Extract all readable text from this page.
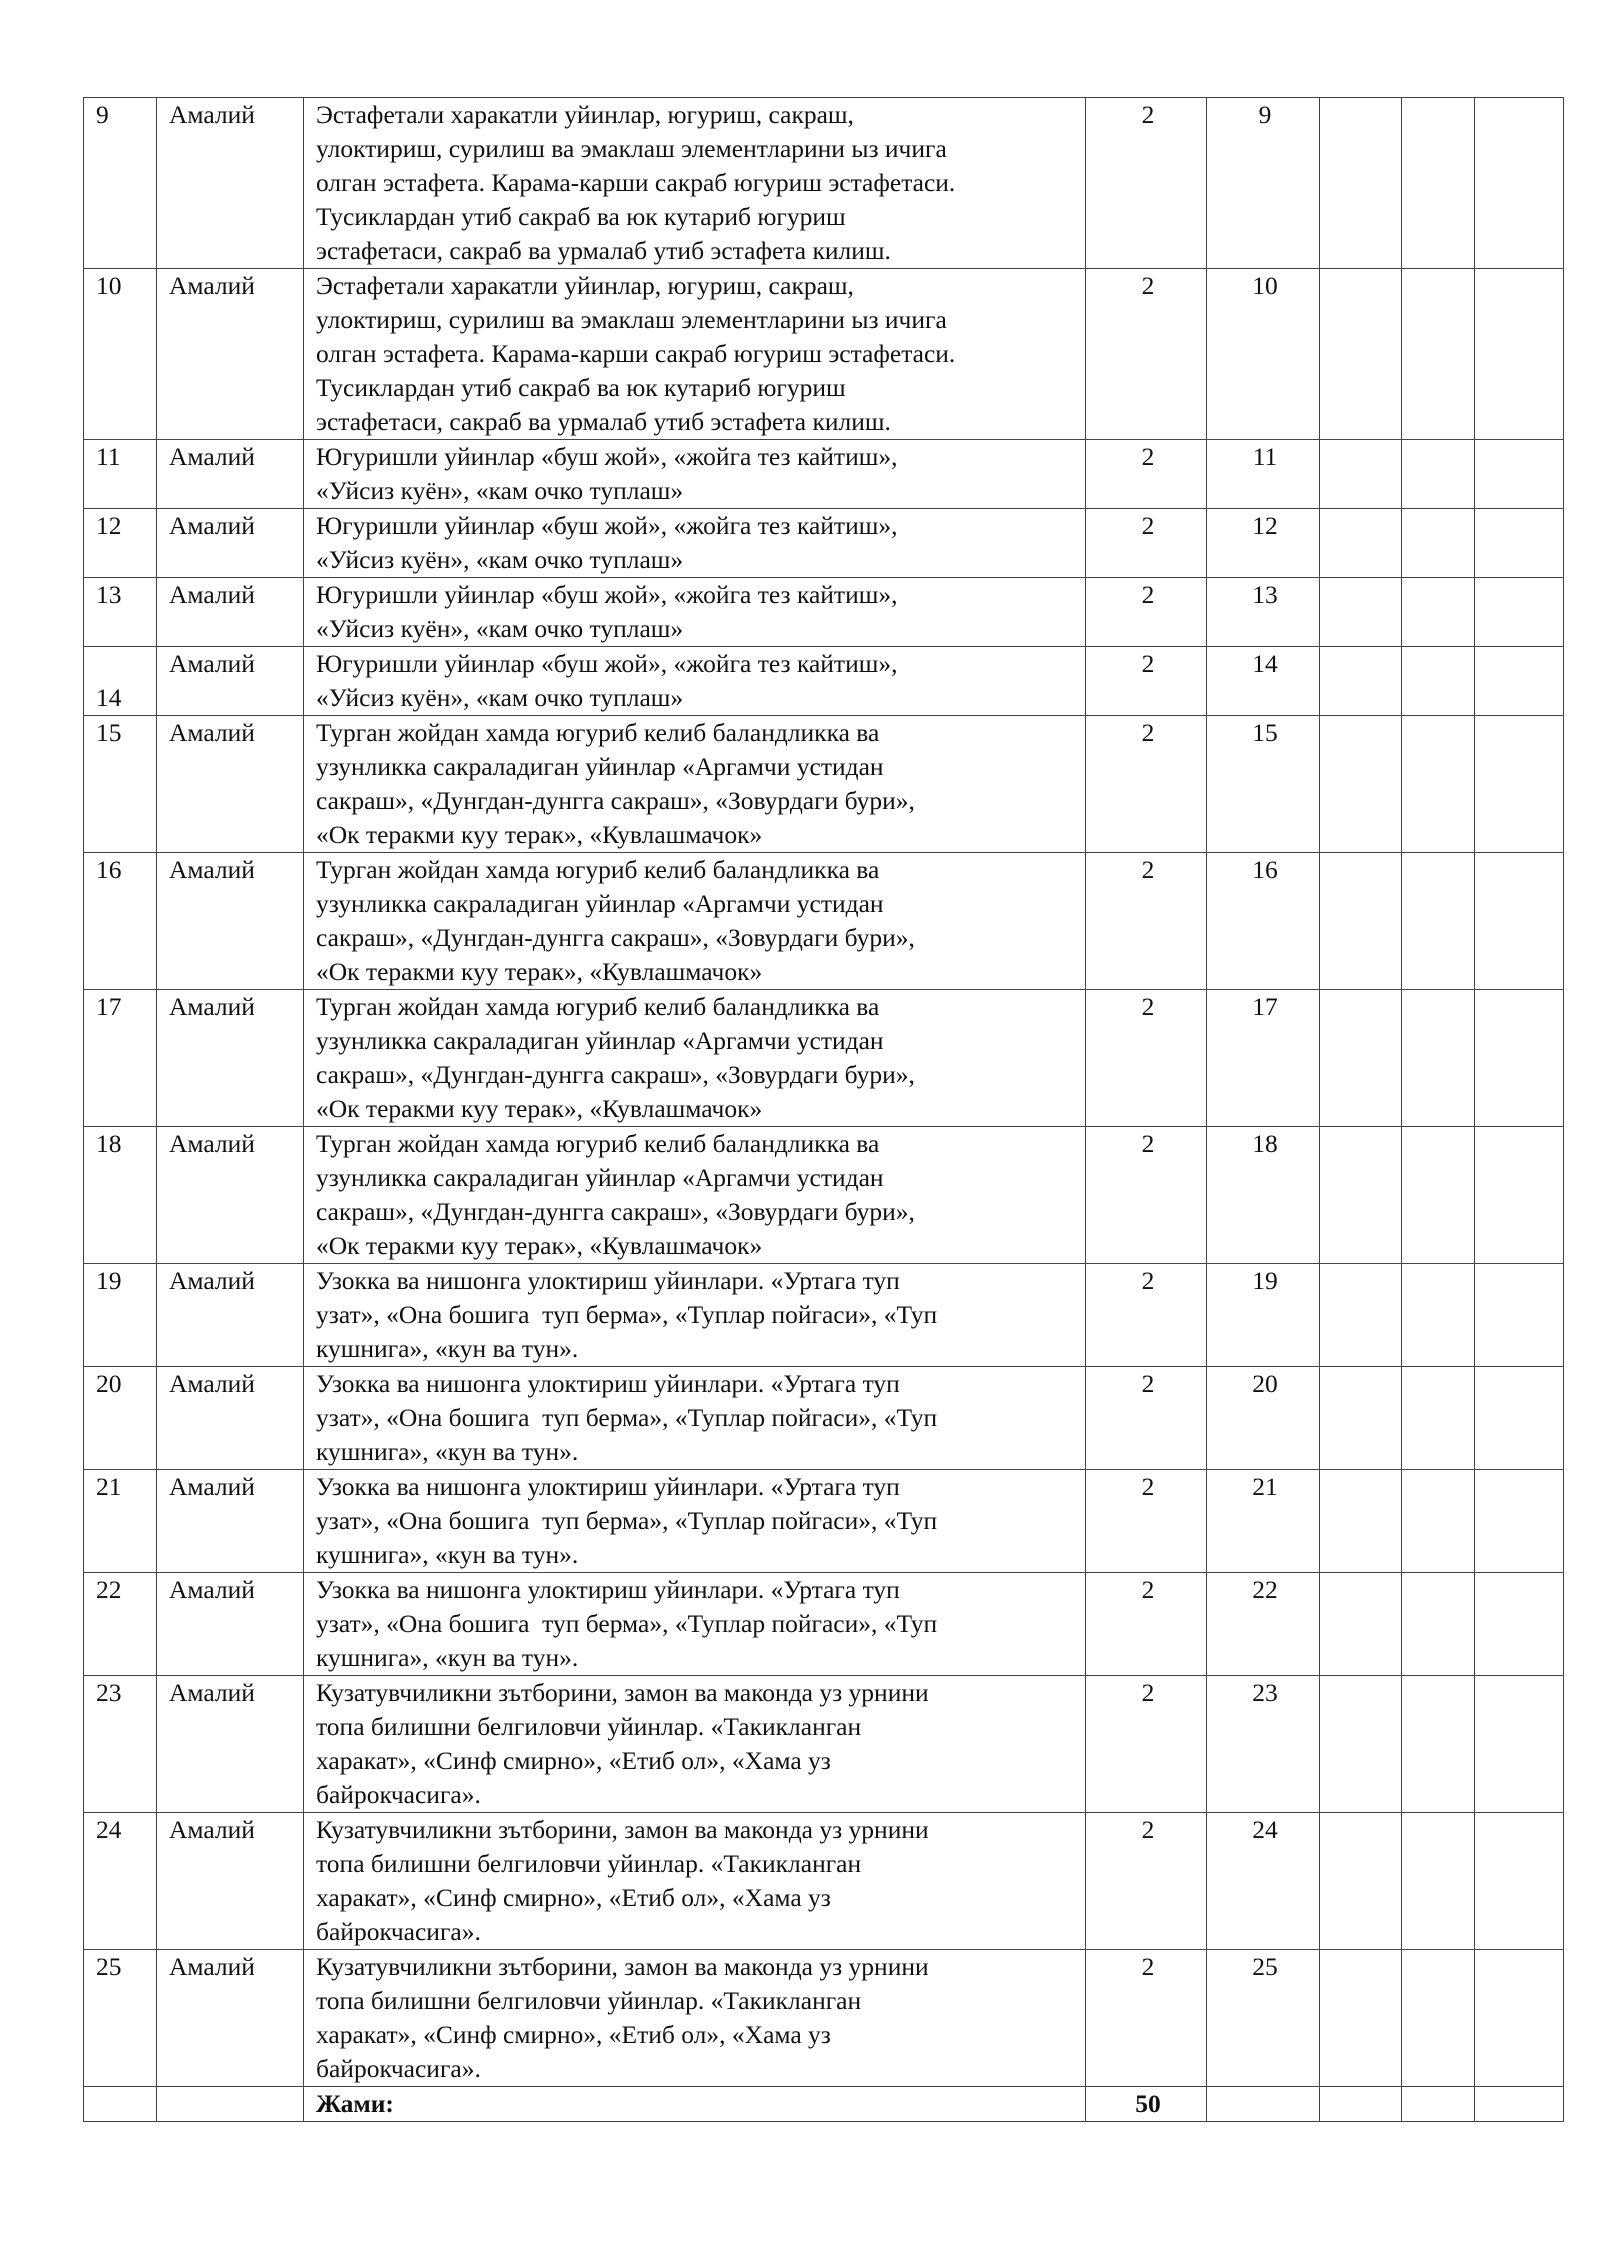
9	Амалий	Эстафетали харакатли уйинлар, югуриш, сакраш,
улоктириш, сурилиш ва эмаклаш элементларини ыз ичига
олган эстафета. Карама-карши сакраб югуриш эстафетаси.
Тусиклардан утиб сакраб ва юк кутариб югуриш
эстафетаси, сакраб ва урмалаб утиб эстафета килиш.	2	9			
10	Амалий	Эстафетали харакатли уйинлар, югуриш, сакраш,
улоктириш, сурилиш ва эмаклаш элементларини ыз ичига
олган эстафета. Карама-карши сакраб югуриш эстафетаси.
Тусиклардан утиб сакраб ва юк кутариб югуриш
эстафетаси, сакраб ва урмалаб утиб эстафета килиш.	2	10			
11	Амалий	Югуришли уйинлар «буш жой», «жойга тез кайтиш»,
«Уйсиз куён», «кам очко туплаш»	2	11			
12	Амалий	Югуришли уйинлар «буш жой», «жойга тез кайтиш»,
«Уйсиз куён», «кам очко туплаш»	2	12			
13	Амалий	Югуришли уйинлар «буш жой», «жойга тез кайтиш»,
«Уйсиз куён», «кам очко туплаш»	2	13			
14	Амалий	Югуришли уйинлар «буш жой», «жойга тез кайтиш»,
«Уйсиз куён», «кам очко туплаш»	2	14			
15	Амалий	Турган жойдан хамда югуриб келиб баландликка ва
узунликка сакраладиган уйинлар «Аргамчи устидан
сакраш», «Дунгдан-дунгга сакраш», «Зовурдаги бури»,
«Ок теракми куу терак», «Кувлашмачок»	2	15			
16	Амалий	Турган жойдан хамда югуриб келиб баландликка ва
узунликка сакраладиган уйинлар «Аргамчи устидан
сакраш», «Дунгдан-дунгга сакраш», «Зовурдаги бури»,
«Ок теракми куу терак», «Кувлашмачок»	2	16			
17	Амалий	Турган жойдан хамда югуриб келиб баландликка ва
узунликка сакраладиган уйинлар «Аргамчи устидан
сакраш», «Дунгдан-дунгга сакраш», «Зовурдаги бури»,
«Ок теракми куу терак», «Кувлашмачок»	2	17			
18	Амалий	Турган жойдан хамда югуриб келиб баландликка ва
узунликка сакраладиган уйинлар «Аргамчи устидан
сакраш», «Дунгдан-дунгга сакраш», «Зовурдаги бури»,
«Ок теракми куу терак», «Кувлашмачок»	2	18			
19	Амалий	Узокка ва нишонга улоктириш уйинлари. «Уртага туп
узат», «Она бошига  туп берма», «Туплар пойгаси», «Туп
кушнига», «кун ва тун».	2	19			
20	Амалий	Узокка ва нишонга улоктириш уйинлари. «Уртага туп
узат», «Она бошига  туп берма», «Туплар пойгаси», «Туп
кушнига», «кун ва тун».	2	20			
21	Амалий	Узокка ва нишонга улоктириш уйинлари. «Уртага туп
узат», «Она бошига  туп берма», «Туплар пойгаси», «Туп
кушнига», «кун ва тун».	2	21			
22	Амалий	Узокка ва нишонга улоктириш уйинлари. «Уртага туп
узат», «Она бошига  туп берма», «Туплар пойгаси», «Туп
кушнига», «кун ва тун».	2	22			
23	Амалий	Кузатувчиликни зътборини, замон ва маконда уз урнини
топа билишни белгиловчи уйинлар. «Такикланган
харакат», «Синф смирно», «Етиб ол», «Хама уз
байрокчасига».	2	23			
24	Амалий	Кузатувчиликни зътборини, замон ва маконда уз урнини
топа билишни белгиловчи уйинлар. «Такикланган
харакат», «Синф смирно», «Етиб ол», «Хама уз
байрокчасига».	2	24			
25	Амалий	Кузатувчиликни зътборини, замон ва маконда уз урнини
топа билишни белгиловчи уйинлар. «Такикланган
харакат», «Синф смирно», «Етиб ол», «Хама уз
байрокчасига».	2	25			
		Жами:	50				
